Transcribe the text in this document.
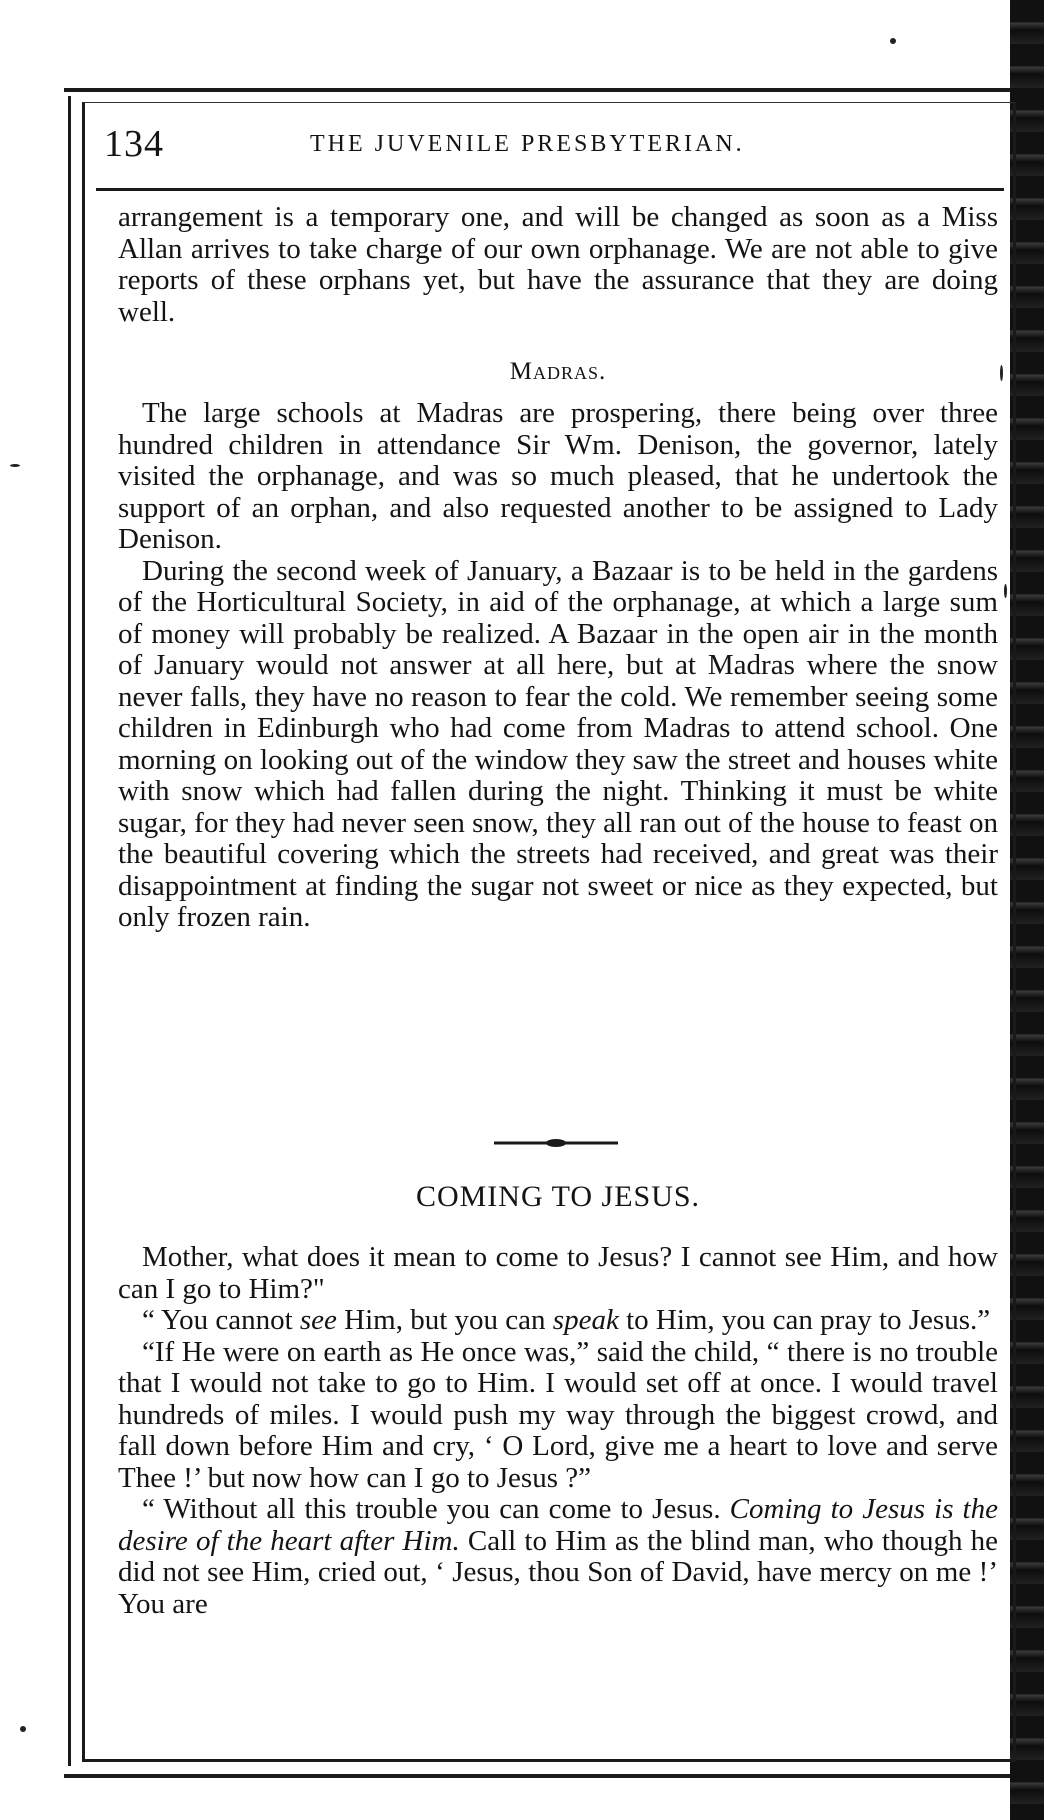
134	THE JUVENILE PRESBYTERIAN.

arrangement is a temporary one, and will be changed as soon as a Miss Allan arrives to take charge of our own orphanage. We are not able to give reports of these orphans yet, but have the assurance that they are doing well.

Madras.

The large schools at Madras are prospering, there being over three hundred children in attendance Sir Wm. Denison, the governor, lately visited the orphanage, and was so much pleased, that he undertook the support of an orphan, and also requested another to be assigned to Lady Denison.

During the second week of January, a Bazaar is to be held in the gardens of the Horticultural Society, in aid of the orphanage, at which a large sum of money will probably be realized. A Bazaar in the open air in the month of January would not answer at all here, but at Madras where the snow never falls, they have no reason to fear the cold. We remember seeing some children in Edinburgh who had come from Madras to attend school. One morning on looking out of the window they saw the street and houses white with snow which had fallen during the night. Thinking it must be white sugar, for they had never seen snow, they all ran out of the house to feast on the beautiful covering which the streets had received, and great was their disappointment at finding the sugar not sweet or nice as they expected, but only frozen rain.

COMING TO JESUS.

Mother, what does it mean to come to Jesus? I cannot see Him, and how can I go to Him?"

“ You cannot see Him, but you can speak to Him, you can pray to Jesus.”

“If He were on earth as He once was,” said the child, “ there is no trouble that I would not take to go to Him. I would set off at once. I would travel hundreds of miles. I would push my way through the biggest crowd, and fall down before Him and cry, ‘ O Lord, give me a heart to love and serve Thee !’ but now how can I go to Jesus ?”

“ Without all this trouble you can come to Jesus. Coming to Jesus is the desire of the heart after Him. Call to Him as the blind man, who though he did not see Him, cried out, ‘ Jesus, thou Son of David, have mercy on me !’ You are
